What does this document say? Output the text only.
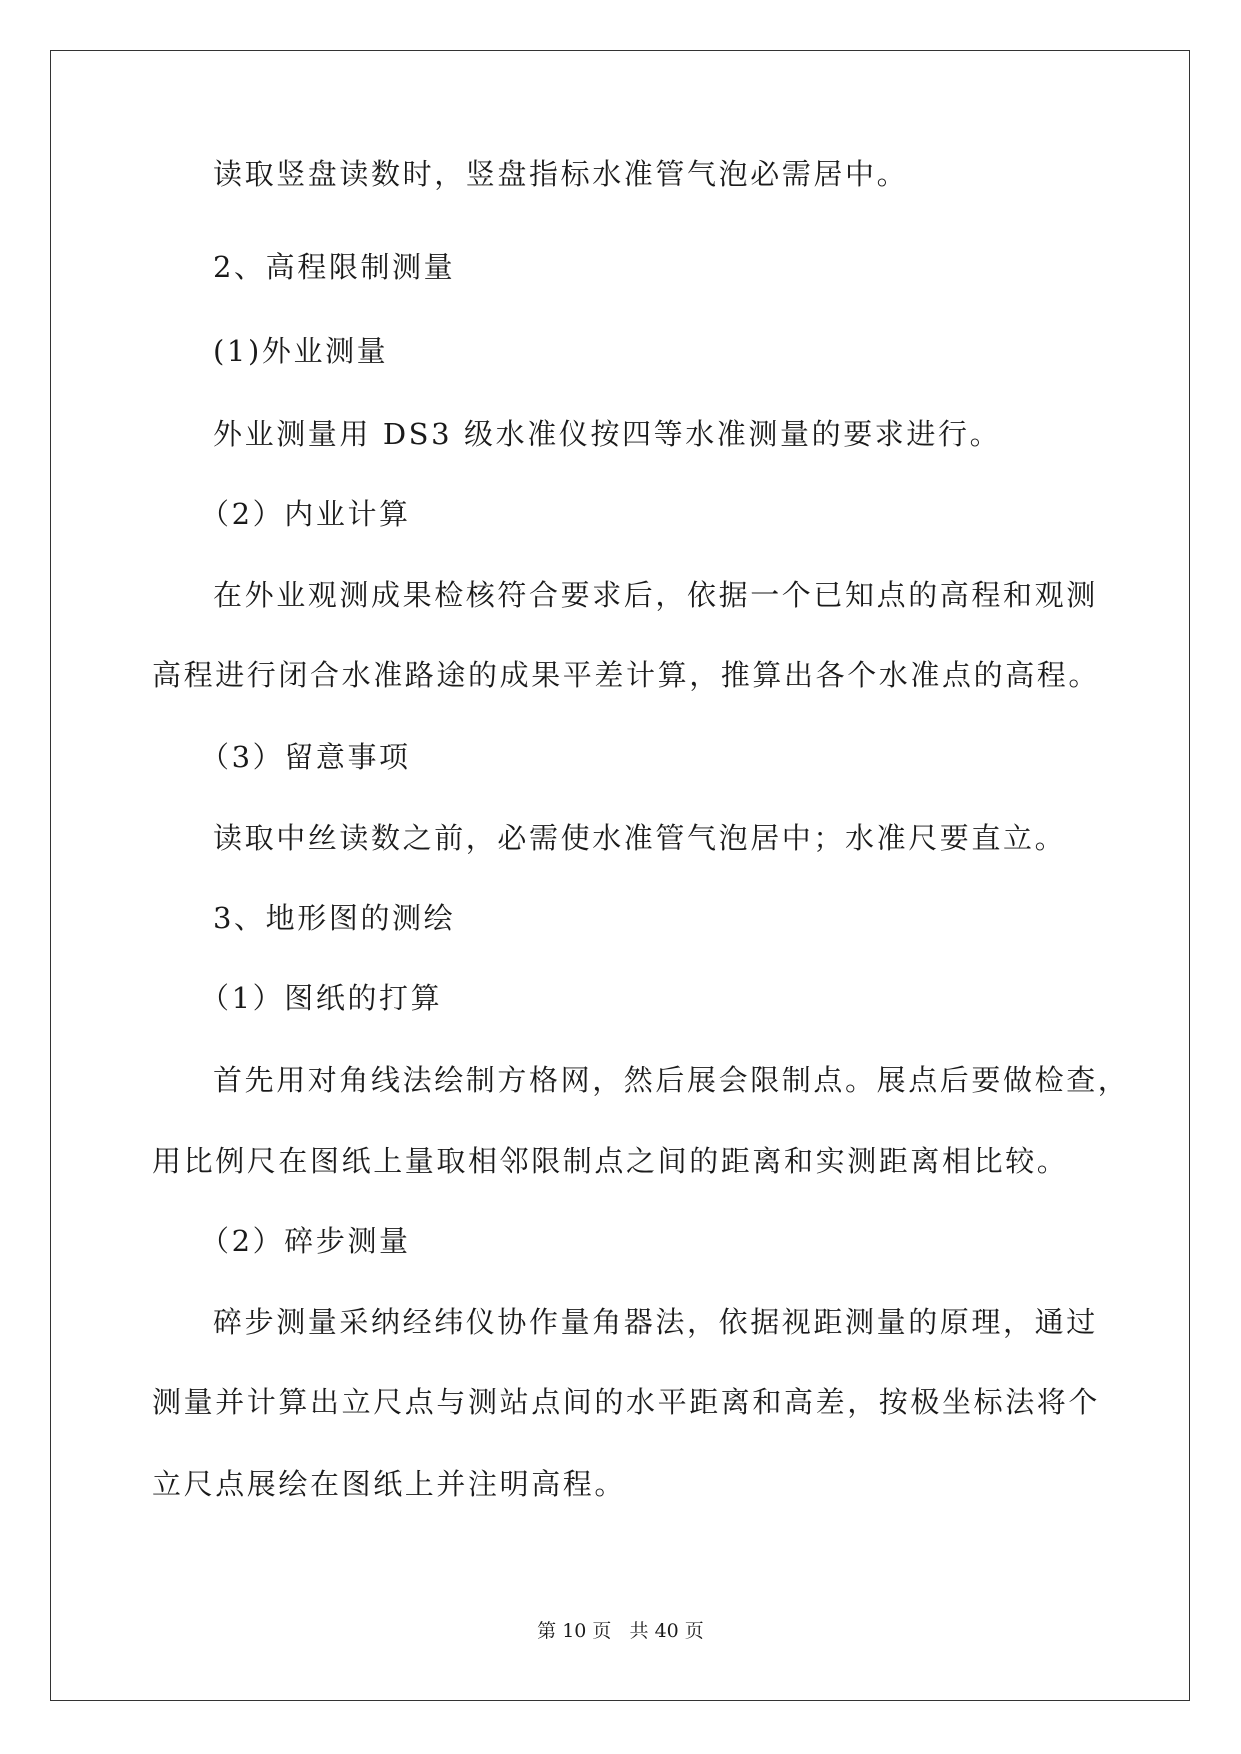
读取竖盘读数时，竖盘指标水准管气泡必需居中。
2、高程限制测量
(1)外业测量
外业测量用 DS3 级水准仪按四等水准测量的要求进行。
（2）内业计算
在外业观测成果检核符合要求后，依据一个已知点的高程和观测
高程进行闭合水准路途的成果平差计算，推算出各个水准点的高程。
（3）留意事项
读取中丝读数之前，必需使水准管气泡居中；水准尺要直立。
3、地形图的测绘
（1）图纸的打算
首先用对角线法绘制方格网，然后展会限制点。展点后要做检查，
用比例尺在图纸上量取相邻限制点之间的距离和实测距离相比较。
（2）碎步测量
碎步测量采纳经纬仪协作量角器法，依据视距测量的原理，通过
测量并计算出立尺点与测站点间的水平距离和高差，按极坐标法将个
立尺点展绘在图纸上并注明高程。
第 10 页   共 40 页
